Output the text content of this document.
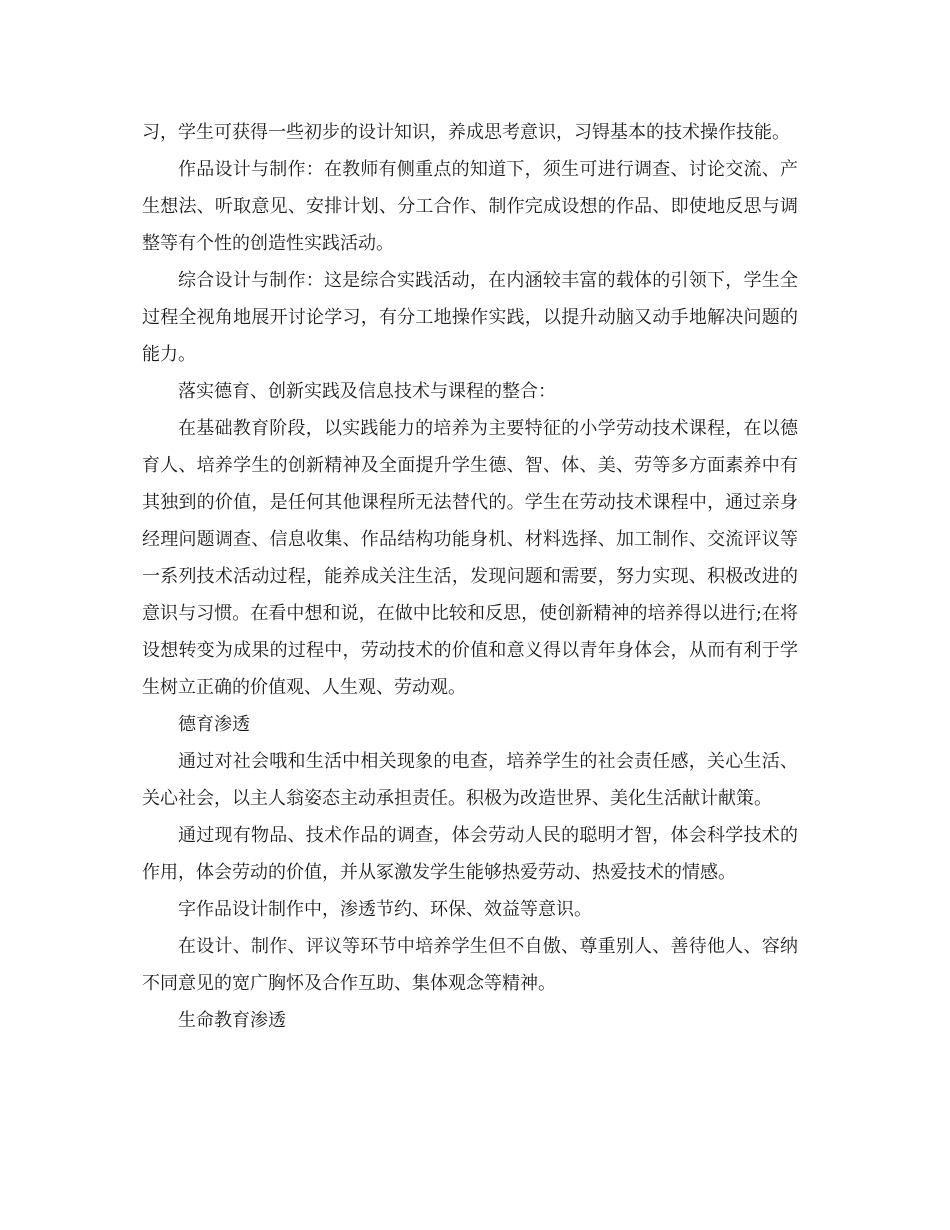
习，学生可获得一些初步的设计知识，养成思考意识，习锝基本的技术操作技能。

作品设计与制作：在教师有侧重点的知道下，须生可进行调查、讨论交流、产生想法、听取意见、安排计划、分工合作、制作完成设想的作品、即使地反思与调整等有个性的创造性实践活动。

综合设计与制作：这是综合实践活动，在内涵较丰富的载体的引领下，学生全过程全视角地展开讨论学习，有分工地操作实践，以提升动脑又动手地解决问题的能力。

落实德育、创新实践及信息技术与课程的整合：

在基础教育阶段，以实践能力的培养为主要特征的小学劳动技术课程，在以德育人、培养学生的创新精神及全面提升学生德、智、体、美、劳等多方面素养中有其独到的价值，是任何其他课程所无法替代的。学生在劳动技术课程中，通过亲身经理问题调查、信息收集、作品结构功能身机、材料选择、加工制作、交流评议等一系列技术活动过程，能养成关注生活，发现问题和需要，努力实现、积极改进的意识与习惯。在看中想和说，在做中比较和反思，使创新精神的培养得以进行;在将设想转变为成果的过程中，劳动技术的价值和意义得以青年身体会，从而有利于学生树立正确的价值观、人生观、劳动观。

德育渗透

通过对社会哦和生活中相关现象的电查，培养学生的社会责任感，关心生活、关心社会，以主人翁姿态主动承担责任。积极为改造世界、美化生活献计献策。

通过现有物品、技术作品的调查，体会劳动人民的聪明才智，体会科学技术的作用，体会劳动的价值，并从冢激发学生能够热爱劳动、热爱技术的情感。

字作品设计制作中，渗透节约、环保、效益等意识。

在设计、制作、评议等环节中培养学生但不自傲、尊重别人、善待他人、容纳不同意见的宽广胸怀及合作互助、集体观念等精神。

生命教育渗透
